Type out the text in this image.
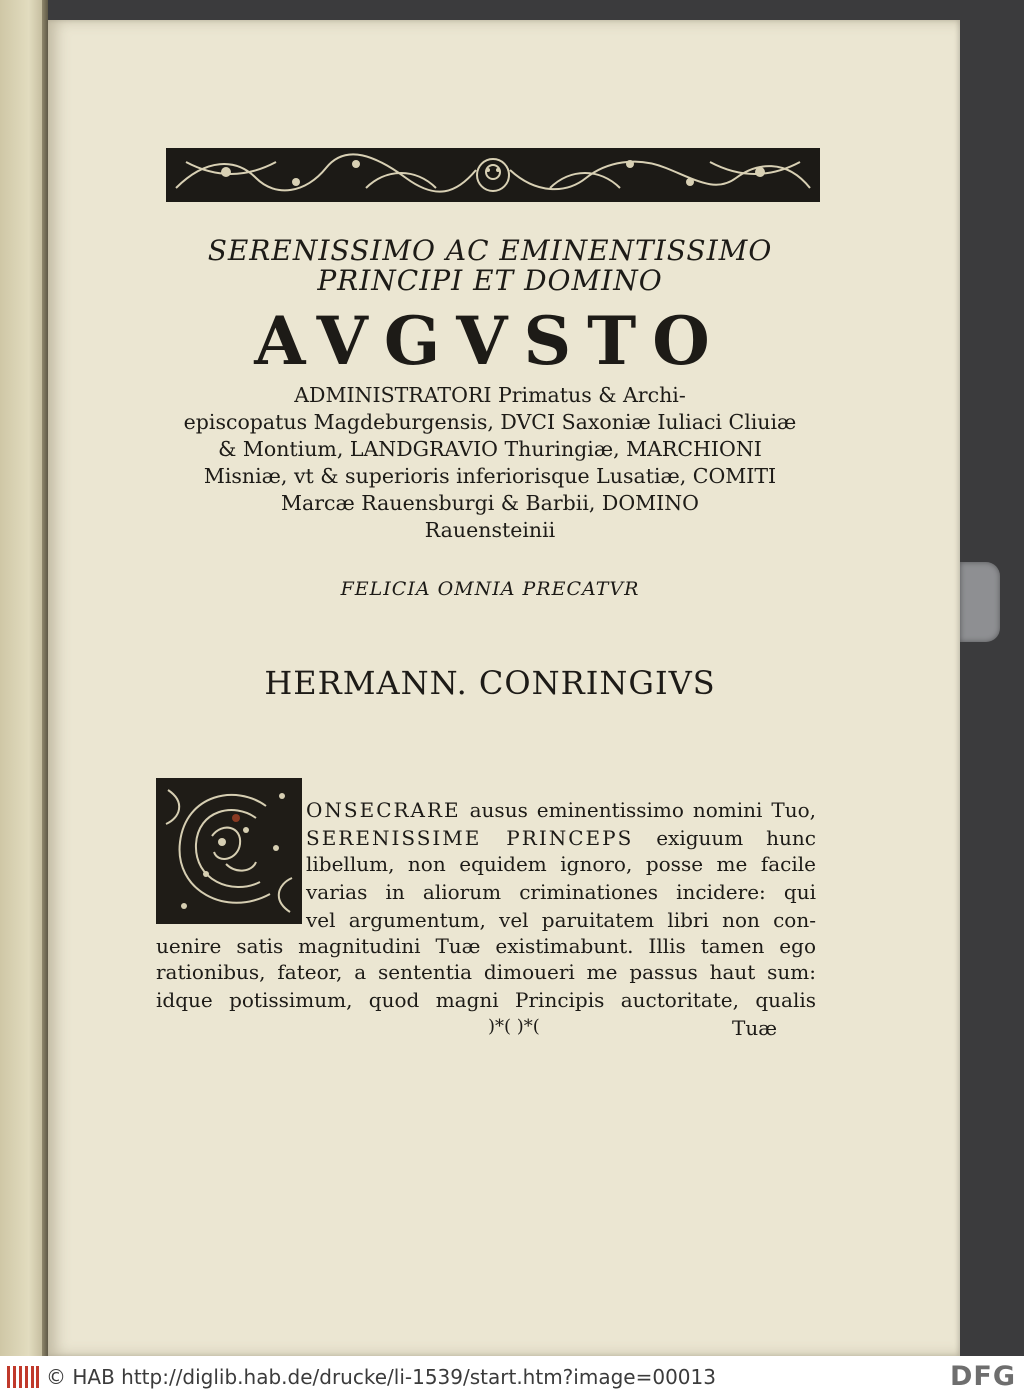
SERENISSIMO AC EMINENTISSIMO
PRINCIPI ET DOMINO
AVGVSTO
ADMINISTRATORI Primatus & Archi-
episcopatus Magdeburgensis, DVCI Saxoniæ Iuliaci Cliuiæ
& Montium, LANDGRAVIO Thuringiæ, MARCHIONI
Misniæ, vt & superioris inferiorisque Lusatiæ, COMITI
Marcæ Rauensburgi & Barbii, DOMINO
Rauensteinii
FELICIA OMNIA PRECATVR
HERMANN. CONRINGIVS
ONSECRARE ausus eminentissimo nomini Tuo,
SERENISSIME PRINCEPS exiguum hunc
libellum, non equidem ignoro, posse me facile
varias in aliorum criminationes incidere: qui
vel argumentum, vel paruitatem libri non con-
uenire satis magnitudini Tuæ existimabunt. Illis tamen ego
rationibus, fateor, a sententia dimoueri me passus haut sum:
idque potissimum, quod magni Principis auctoritate, qualis
)*( )*(	Tuæ
© HAB http://diglib.hab.de/drucke/li-1539/start.htm?image=00013	DFG
